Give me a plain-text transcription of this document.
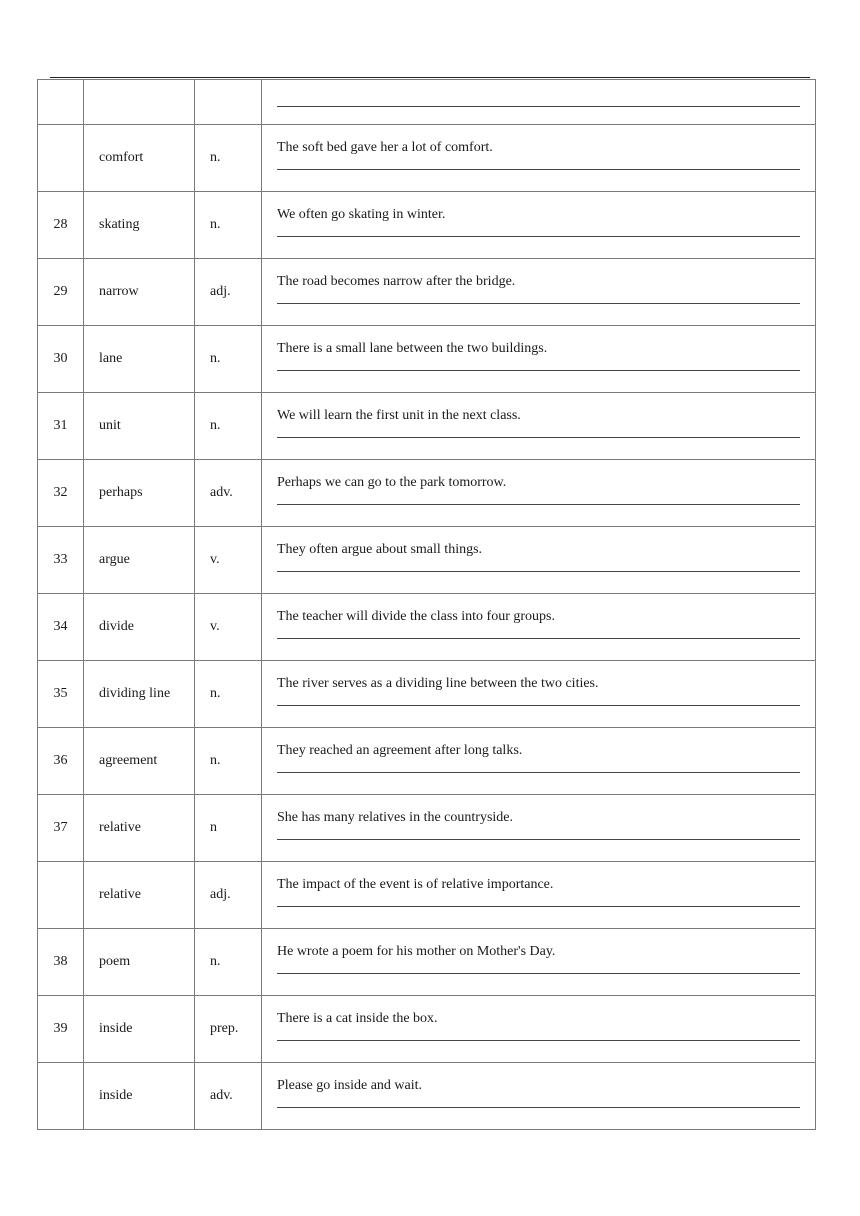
	comfort	n.	The soft bed gave her a lot of comfort.

28	skating	n.	We often go skating in winter.

29	narrow	adj.	The road becomes narrow after the bridge.

30	lane	n.	There is a small lane between the two buildings.

31	unit	n.	We will learn the first unit in the next class.

32	perhaps	adv.	Perhaps we can go to the park tomorrow.

33	argue	v.	They often argue about small things.

34	divide	v.	The teacher will divide the class into four groups.

35	dividing line	n.	The river serves as a dividing line between the two cities.

36	agreement	n.	They reached an agreement after long talks.

37	relative	n	She has many relatives in the countryside.

	relative	adj.	The impact of the event is of relative importance.

38	poem	n.	He wrote a poem for his mother on Mother's Day.

39	inside	prep.	There is a cat inside the box.

	inside	adv.	Please go inside and wait.
